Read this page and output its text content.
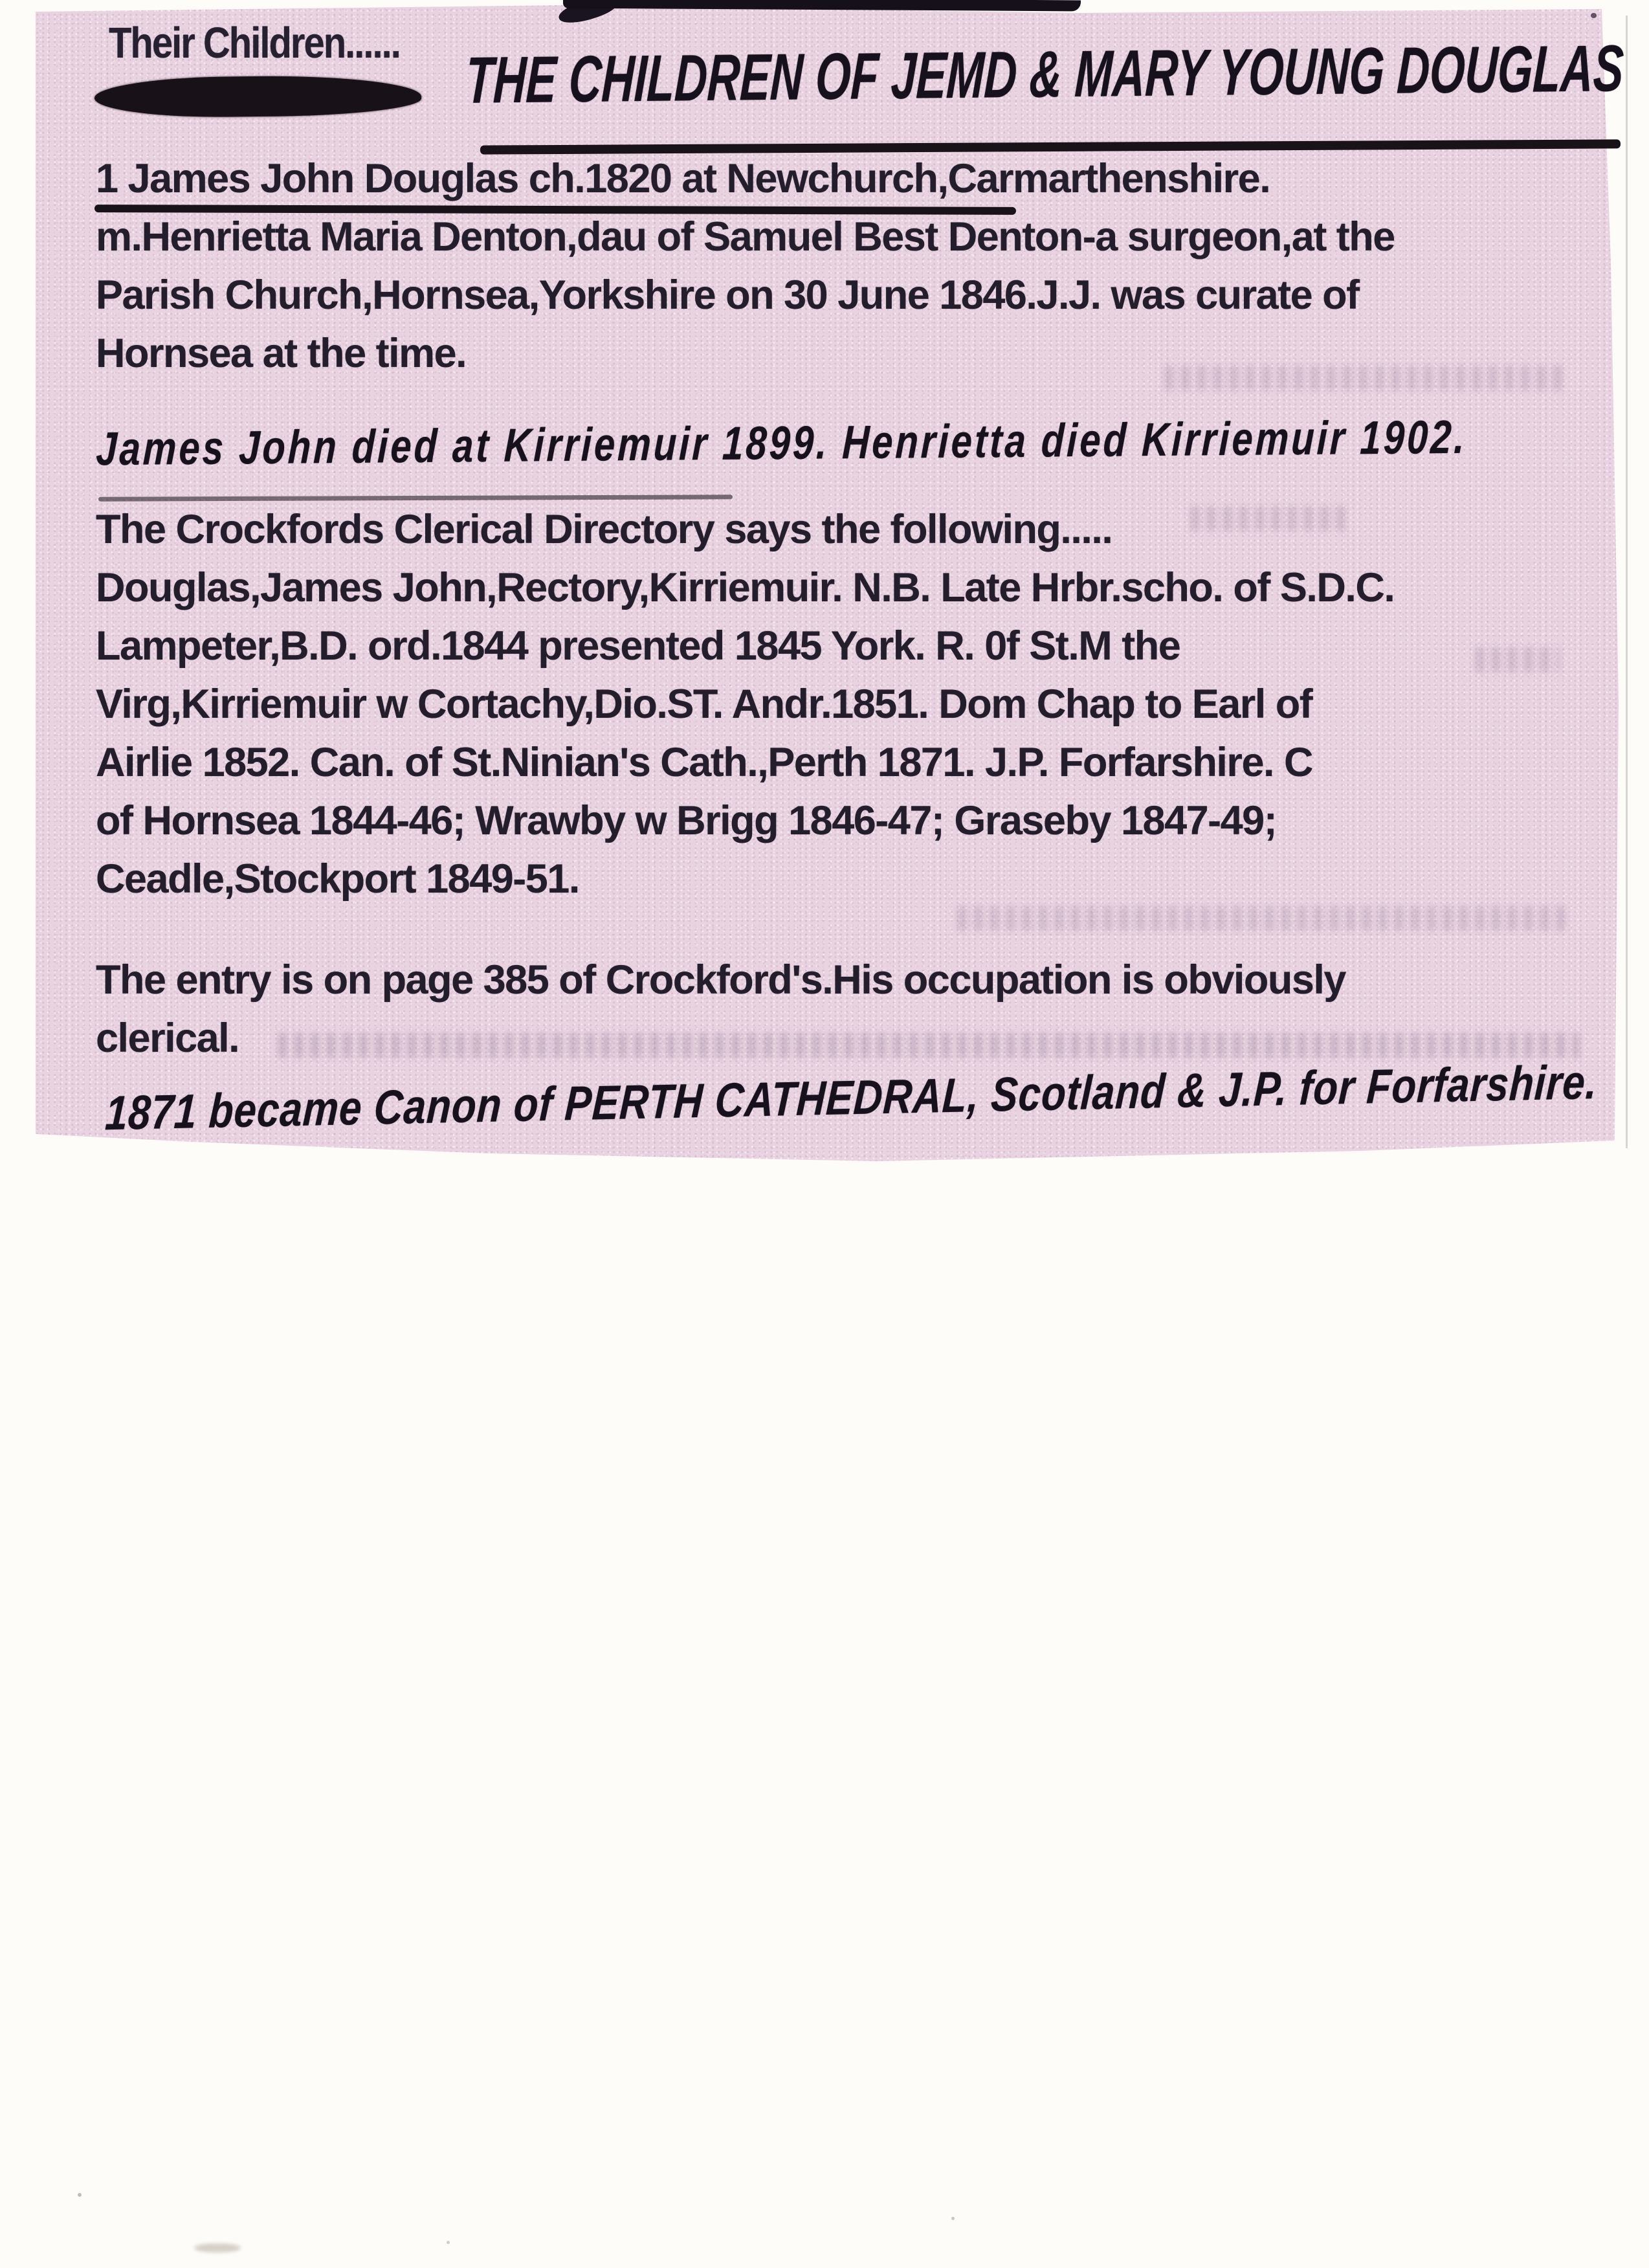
Their Children...... THE CHILDREN OF JEMD & MARY YOUNG DOUGLAS
1 James John Douglas ch.1820 at Newchurch,Carmarthenshire.
m.Henrietta Maria Denton,dau of Samuel Best Denton-a surgeon,at the
Parish Church,Hornsea,Yorkshire on 30 June 1846.J.J. was curate of
Hornsea at the time.
James John died at Kirriemuir 1899. Henrietta died Kirriemuir 1902.
The Crockfords Clerical Directory says the following.....
Douglas,James John,Rectory,Kirriemuir. N.B. Late Hrbr.scho. of S.D.C.
Lampeter,B.D. ord.1844 presented 1845 York. R. 0f St.M the
Virg,Kirriemuir w Cortachy,Dio.ST. Andr.1851. Dom Chap to Earl of
Airlie 1852. Can. of St.Ninian's Cath.,Perth 1871. J.P. Forfarshire. C
of Hornsea 1844-46; Wrawby w Brigg 1846-47; Graseby 1847-49;
Ceadle,Stockport 1849-51.
The entry is on page 385 of Crockford's.His occupation is obviously
clerical.
1871 became Canon of PERTH CATHEDRAL, Scotland & J.P. for Forfarshire.
